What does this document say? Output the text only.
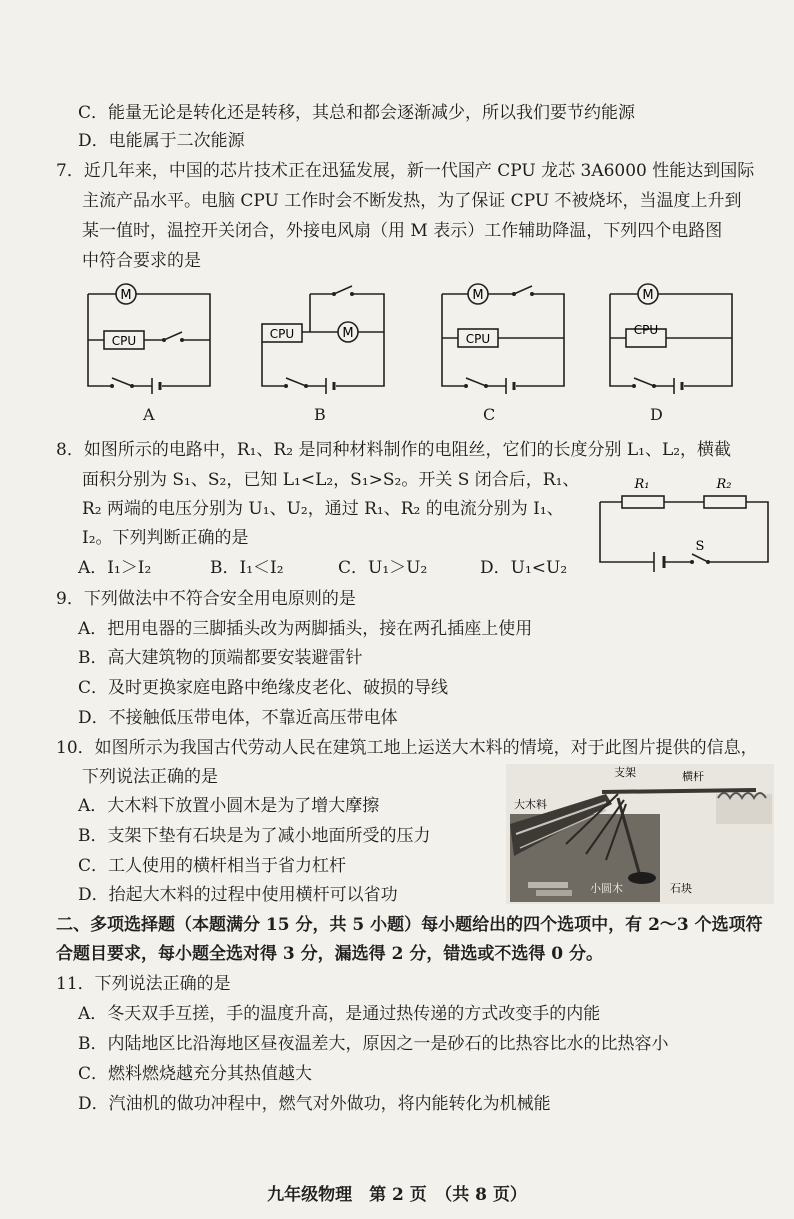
C．能量无论是转化还是转移，其总和都会逐渐减少，所以我们要节约能源
D．电能属于二次能源
7．近几年来，中国的芯片技术正在迅猛发展，新一代国产 CPU 龙芯 3A6000 性能达到国际
主流产品水平。电脑 CPU 工作时会不断发热，为了保证 CPU 不被烧坏，当温度上升到
某一值时，温控开关闭合，外接电风扇（用 M 表示）工作辅助降温，下列四个电路图
中符合要求的是
M
CPU
A
M
CPU
B
M
CPU
C
M
CPU
D
8．如图所示的电路中，R₁、R₂ 是同种材料制作的电阻丝，它们的长度分别 L₁、L₂，横截
面积分别为 S₁、S₂，已知 L₁<L₂，S₁>S₂。开关 S 闭合后，R₁、
R₂ 两端的电压分别为 U₁、U₂，通过 R₁、R₂ 的电流分别为 I₁、
I₂。下列判断正确的是
A．I₁＞I₂	B．I₁＜I₂	C．U₁＞U₂	D．U₁<U₂
R₁	R₂
S
9．下列做法中不符合安全用电原则的是
A．把用电器的三脚插头改为两脚插头，接在两孔插座上使用
B．高大建筑物的顶端都要安装避雷针
C．及时更换家庭电路中绝缘皮老化、破损的导线
D．不接触低压带电体，不靠近高压带电体
10．如图所示为我国古代劳动人民在建筑工地上运送大木料的情境，对于此图片提供的信息，
下列说法正确的是
A．大木料下放置小圆木是为了增大摩擦
B．支架下垫有石块是为了减小地面所受的压力
C．工人使用的横杆相当于省力杠杆
D．抬起大木料的过程中使用横杆可以省功
支架	横杆
大木料
小圆木	石块
二、多项选择题（本题满分 15 分，共 5 小题）每小题给出的四个选项中，有 2～3 个选项符
合题目要求，每小题全选对得 3 分，漏选得 2 分，错选或不选得 0 分。
11．下列说法正确的是
A．冬天双手互搓，手的温度升高，是通过热传递的方式改变手的内能
B．内陆地区比沿海地区昼夜温差大，原因之一是砂石的比热容比水的比热容小
C．燃料燃烧越充分其热值越大
D．汽油机的做功冲程中，燃气对外做功，将内能转化为机械能
九年级物理　第 2 页　（共 8 页）
